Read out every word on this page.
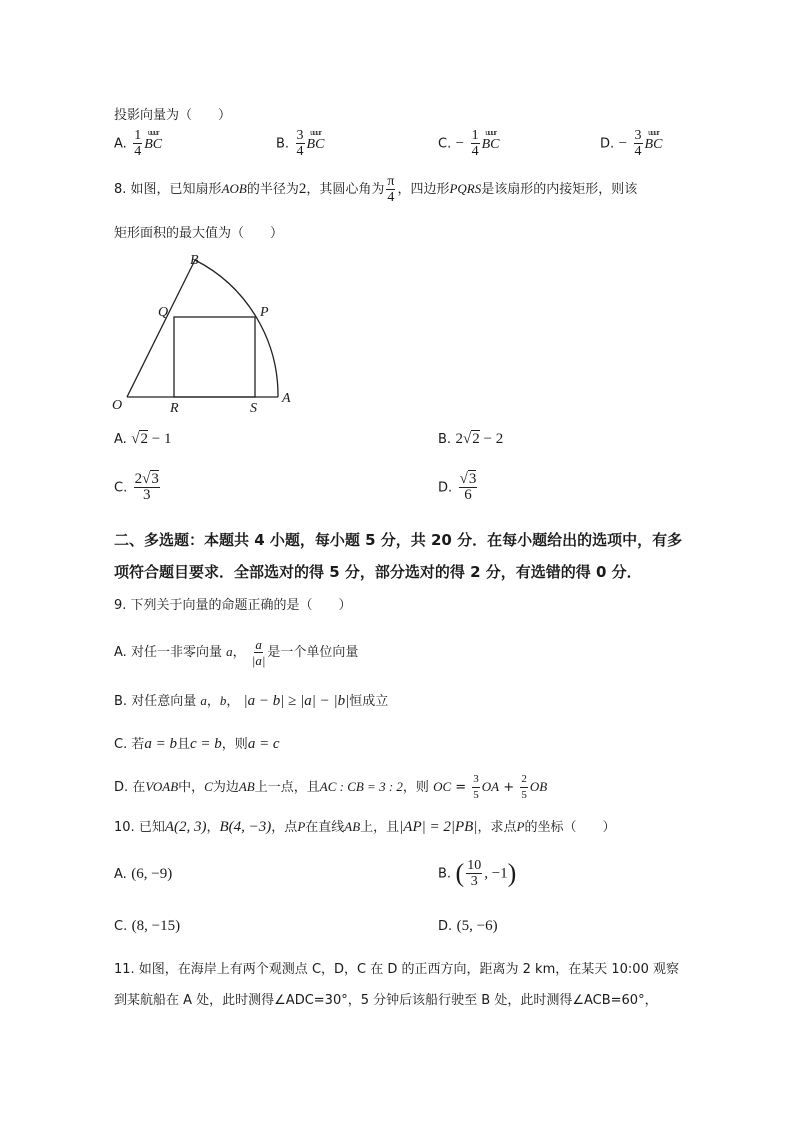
投影向量为（　　）
A. $\frac{1}{4}$ uuur
BC	B. $\frac{3}{4}$ uuur
BC	C. − $\frac{1}{4}$ uuur
BC	D. − $\frac{3}{4}$ uuur
BC
8. 如图，已知扇形AOB的半径为2，其圆心角为 $\frac{\pi}{4}$ ，四边形PQRS是该扇形的内接矩形，则该
矩形面积的最大值为（　　）
B
Q	P
O	R	S
A
A. √2 − 1	B. 2√2 − 2
C. $\frac{2√3}{3}$	D. $\frac{√3}{6}$
二、多选题：本题共 4 小题，每小题 5 分，共 20 分．在每小题给出的选项中，有多
项符合题目要求．全部选对的得 5 分，部分选对的得 2 分，有选错的得 0 分．
9. 下列关于向量的命题正确的是（　　）
A. 对任一非零向量 a， $\frac{a}{|a|}$ 是一个单位向量
B. 对任意向量 a，b， |a − b| ≥ |a| − |b|恒成立
C. 若a = b且c = b，则a = c
D. 在VOAB中，C为边AB上一点，且AC : CB = 3 : 2，则 OC = $\frac{3}{5}$ OA + $\frac{2}{5}$ OB
10. 已知A(2, 3)，B(4, −3)，点P在直线AB上，且|AP| = 2|PB|，求点P的坐标（　　）
A. (6, −9)	B. ( $\frac{10}{3}$ , −1)
C. (8, −15)	D. (5, −6)
11. 如图，在海岸上有两个观测点 C，D，C 在 D 的正西方向，距离为 2 km，在某天 10:00 观察
到某航船在 A 处，此时测得∠ADC=30°，5 分钟后该船行驶至 B 处，此时测得∠ACB=60°，
